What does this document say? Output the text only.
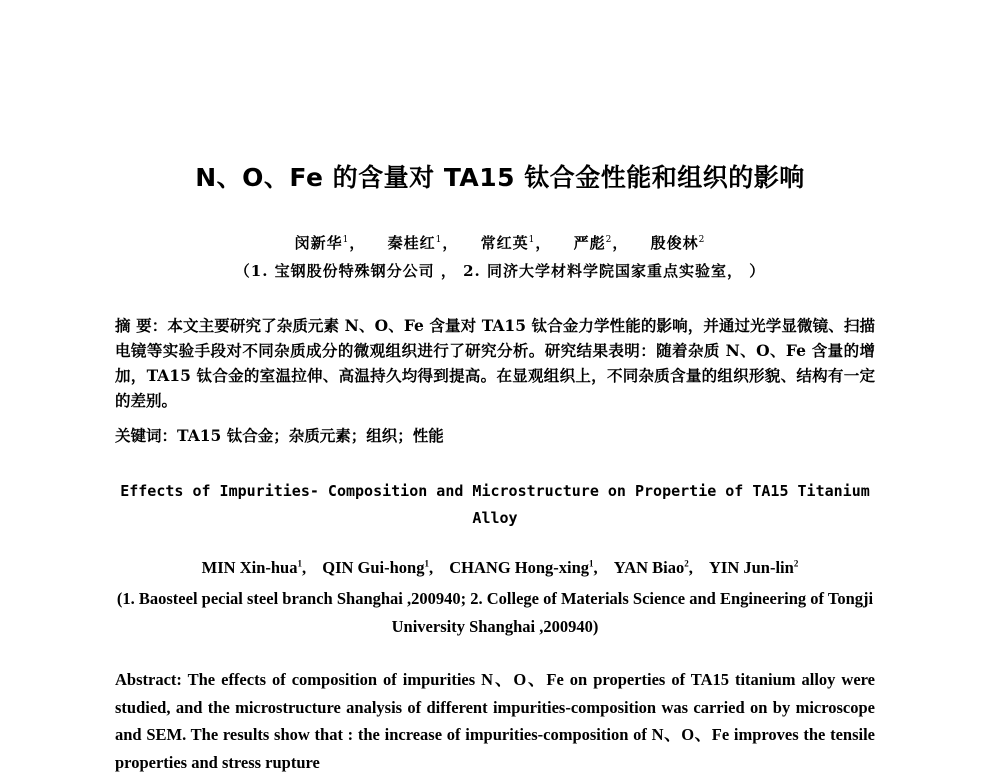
N、O、Fe 的含量对 TA15 钛合金性能和组织的影响
闵新华$^1$， 秦桂红$^1$， 常红英$^1$， 严彪$^2$， 殷俊林$^2$
（1. 宝钢股份特殊钢分公司 ， 2. 同济大学材料学院国家重点实验室， ）
摘 要：本文主要研究了杂质元素 N、O、Fe 含量对 TA15 钛合金力学性能的影响，并通过光学显微镜、扫描电镜等实验手段对不同杂质成分的微观组织进行了研究分析。研究结果表明：随着杂质 N、O、Fe 含量的增加，TA15 钛合金的室温拉伸、高温持久均得到提高。在显观组织上，不同杂质含量的组织形貌、结构有一定的差别。
关键词：TA15 钛合金；杂质元素；组织；性能
Effects of Impurities- Composition and Microstructure on Propertie of TA15 Titanium Alloy
MIN Xin-hua$^1$, QIN Gui-hong$^1$, CHANG Hong-xing$^1$, YAN Biao$^2$, YIN Jun-lin$^2$
(1. Baosteel pecial steel branch Shanghai ,200940; 2. College of Materials Science and Engineering of Tongji University Shanghai ,200940)
Abstract: The effects of composition of impurities N、O、Fe on properties of TA15 titanium alloy were studied, and the microstructure analysis of different impurities-composition was carried on by microscope and SEM. The results show that : the increase of impurities-composition of N、O、Fe improves the tensile properties and stress rupture
